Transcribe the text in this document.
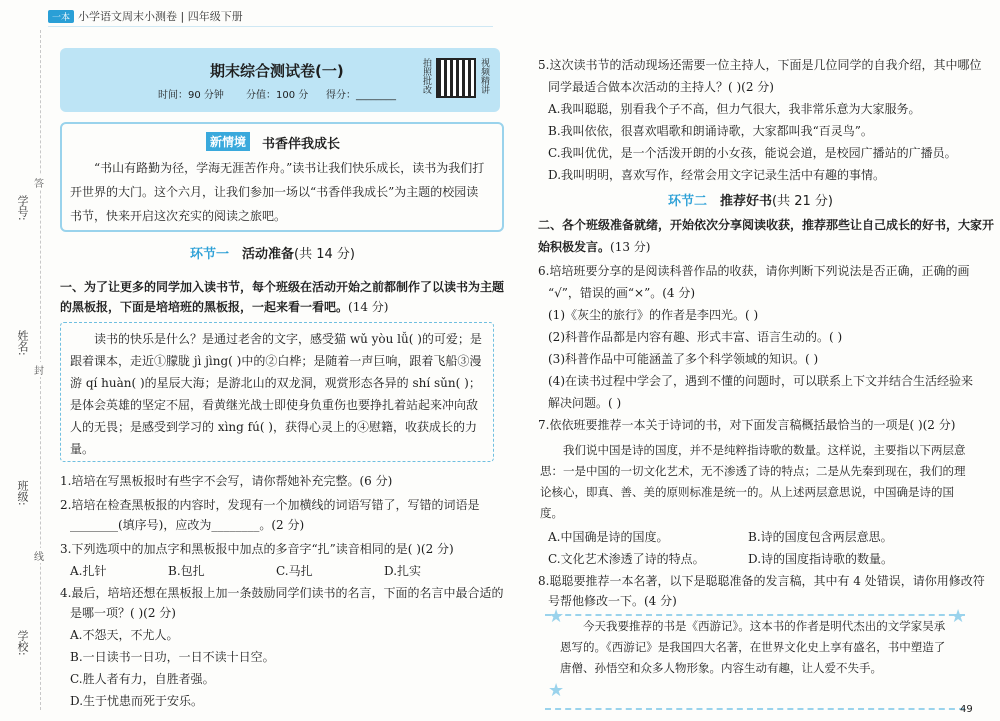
一本 小学语文周末小测卷 | 四年级下册
学号:
姓名:
班级:
学校:
答
封
线
期末综合测试卷(一)
时间：90 分钟 分值：100 分 得分：________
拍照批改	视频精讲
新情境	书香伴我成长
“书山有路勤为径，学海无涯苦作舟。”读书让我们快乐成长，读书为我们打开世界的大门。这个六月，让我们参加一场以“书香伴我成长”为主题的校园读书节，快来开启这次充实的阅读之旅吧。
环节一　 活动准备(共 14 分)
一、为了让更多的同学加入读书节，每个班级在活动开始之前都制作了以读书为主题
的黑板报，下面是培培班的黑板报，一起来看一看吧。(14 分)
读书的快乐是什么？是通过老舍的文字，感受猫 wǔ yòu lǚ( )的可爱；是跟着课本，走近①朦胧 jì jìng( )中的②白桦；是随着一声巨响，跟着飞船③漫游 qí huàn( )的星辰大海；是游北山的双龙洞，观赏形态各异的 shí sǔn( )；是体会英雄的坚定不屈，看黄继光战士即使身负重伤也要挣扎着站起来冲向敌人的无畏；是感受到学习的 xìng fú( )，获得心灵上的④慰籍，收获成长的力量。
1.培培在写黑板报时有些字不会写，请你帮她补充完整。(6 分)
2.培培在检查黑板报的内容时，发现有一个加横线的词语写错了，写错的词语是
________(填序号)，应改为________。(2 分)
3.下列选项中的加点字和黑板报中加点的多音字“扎”读音相同的是( )(2 分)
A.扎针	B.包扎	C.马扎	D.扎实
4.最后，培培还想在黑板报上加一条鼓励同学们读书的名言，下面的名言中最合适的
是哪一项？( )(2 分)
A.不怨天，不尤人。
B.一日读书一日功，一日不读十日空。
C.胜人者有力，自胜者强。
D.生于忧患而死于安乐。
5.这次读书节的活动现场还需要一位主持人，下面是几位同学的自我介绍，其中哪位
同学最适合做本次活动的主持人？( )(2 分)
A.我叫聪聪，别看我个子不高，但力气很大，我非常乐意为大家服务。
B.我叫依依，很喜欢唱歌和朗诵诗歌，大家都叫我“百灵鸟”。
C.我叫优优，是一个活泼开朗的小女孩，能说会道，是校园广播站的广播员。
D.我叫明明，喜欢写作，经常会用文字记录生活中有趣的事情。
环节二　 推荐好书(共 21 分)
二、各个班级准备就绪，开始依次分享阅读收获，推荐那些让自己成长的好书，大家开
始积极发言。(13 分)
6.培培班要分享的是阅读科普作品的收获，请你判断下列说法是否正确，正确的画
“√”，错误的画“×”。(4 分)
(1)《灰尘的旅行》的作者是李四光。( )
(2)科普作品都是内容有趣、形式丰富、语言生动的。( )
(3)科普作品中可能涵盖了多个科学领域的知识。( )
(4)在读书过程中学会了，遇到不懂的问题时，可以联系上下文并结合生活经验来
解决问题。( )
7.依依班要推荐一本关于诗词的书，对下面发言稿概括最恰当的一项是( )(2 分)
我们说中国是诗的国度，并不是纯粹指诗歌的数量。这样说，主要指以下两层意思：一是中国的一切文化艺术，无不渗透了诗的特点；二是从先秦到现在，我们的理论核心，即真、善、美的原则标准是统一的。从上述两层意思说，中国确是诗的国度。
A.中国确是诗的国度。	B.诗的国度包含两层意思。
C.文化艺术渗透了诗的特点。	D.诗的国度指诗歌的数量。
8.聪聪要推荐一本名著，以下是聪聪准备的发言稿，其中有 4 处错误，请你用修改符
号帮他修改一下。(4 分)
★	★
★
今天我要推荐的书是《西游记》。这本书的作者是明代杰出的文学家吴承恩写的。《西游记》是我国四大名著，在世界文化史上享有盛名，书中塑造了唐僧、孙悟空和众多人物形象。内容生动有趣，让人爱不失手。
49
